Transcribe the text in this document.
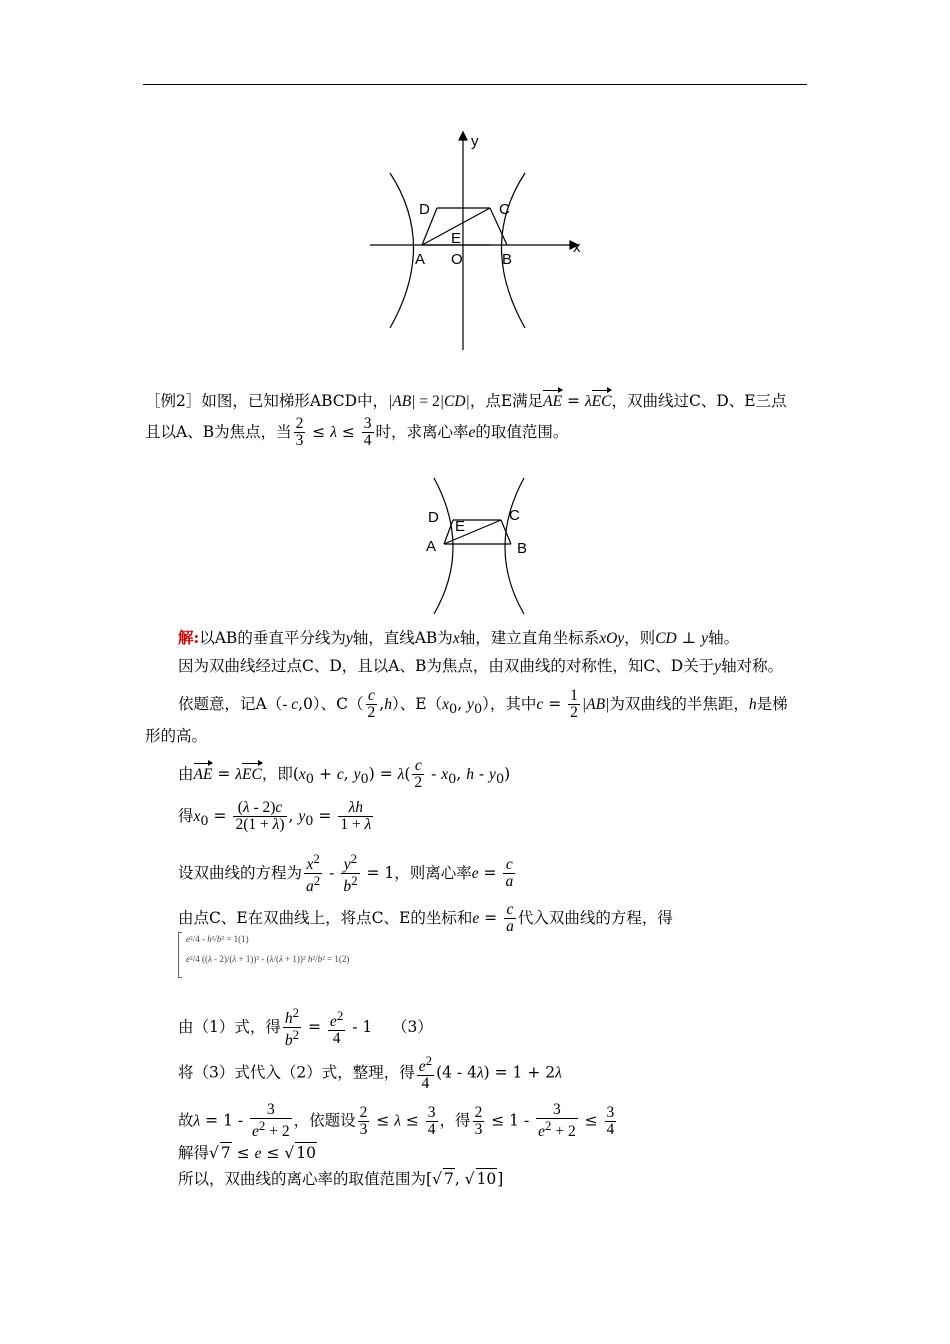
y
x
D	C
E
A O	B
［例2］如图，已知梯形ABCD中，|AB| = 2|CD|，点E满足AE = λEC，双曲线过C、D、E三点
且以A、B为焦点，当 $\frac{2}{3} \le \lambda \le \frac{3}{4}$ 时，求离心率e的取值范围。
D
E
C
A	B
解:以AB的垂直平分线为y轴，直线AB为x轴，建立直角坐标系xOy，则CD ⊥ y轴。
因为双曲线经过点C、D，且以A、B为焦点，由双曲线的对称性，知C、D关于y轴对称。
依题意，记A（- c,0）、$C( \frac{c}{2} ,h)$、$E(x_0$, $y_0$），其中$c = \frac{1}{2} |AB|$为双曲线的半焦距，h是梯
形的高。
由AE = λEC，即($x_0 + c$, $y_0) = \lambda( \frac{c}{2} - x_0$, h - $y_0$)
得$x_0 = \frac{(\lambda - 2)c}{2(1 + \lambda)}$ , $y_0 = \frac{\lambda h}{1 + \lambda}$
设双曲线的方程为 $\frac{x^2}{a^2} - \frac{y^2}{b^2} = 1$，则离心率$e = \frac{c}{a}$
由点C、E在双曲线上，将点C、E的坐标和$e = \frac{c}{a}$ 代入双曲线的方程，得
e²/4 - h²/b² = 1(1)
e²/4 ((λ - 2)/(λ + 1))² - (λ/(λ + 1))² h²/b² = 1(2)
由（1）式，得 $\frac{h^2}{b^2} = \frac{e^2}{4} - 1$    （3）
将（3）式代入（2）式，整理，得 $\frac{e^2}{4} (4 - 4\lambda) = 1 + 2\lambda$
故$\lambda = 1 - \frac{3}{e^2 + 2}$ ，依题设 $\frac{2}{3} \le \lambda \le \frac{3}{4}$ ，得 $\frac{2}{3} \le 1 - \frac{3}{e^2 + 2} \le \frac{3}{4}$
解得√ 7 ≤ e ≤ √ 10
所以，双曲线的离心率的取值范围为[√ 7, √ 10]
